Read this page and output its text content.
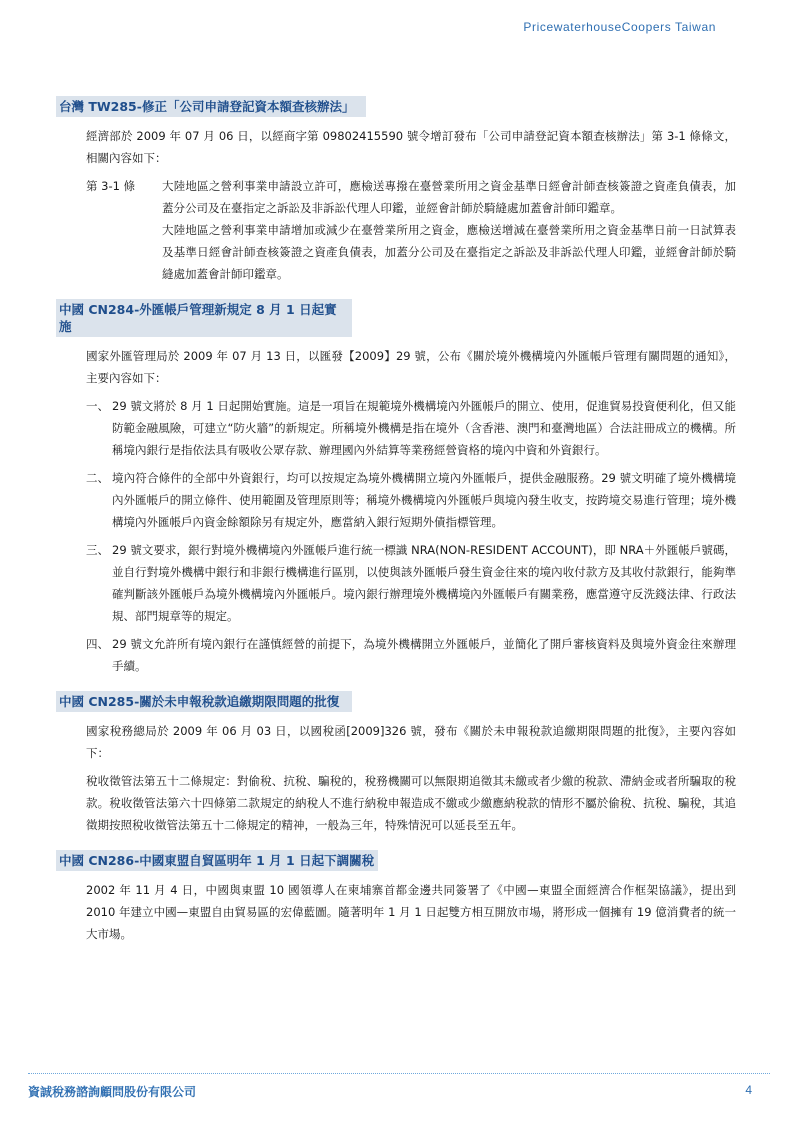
PricewaterhouseCoopers Taiwan
台灣 TW285-修正「公司申請登記資本額查核辦法」

經濟部於 2009 年 07 月 06 日，以經商字第 09802415590 號令增訂發布「公司申請登記資本額查核辦法」第 3-1 條條文，相關內容如下：

第 3-1 條	大陸地區之營利事業申請設立許可，應檢送專撥在臺營業所用之資金基準日經會計師查核簽證之資產負債表，加蓋分公司及在臺指定之訴訟及非訴訟代理人印鑑，並經會計師於騎縫處加蓋會計師印鑑章。

大陸地區之營利事業申請增加或減少在臺營業所用之資金，應檢送增減在臺營業所用之資金基準日前一日試算表及基準日經會計師查核簽證之資產負債表，加蓋分公司及在臺指定之訴訟及非訴訟代理人印鑑，並經會計師於騎縫處加蓋會計師印鑑章。

中國 CN284-外匯帳戶管理新規定 8 月 1 日起實施

國家外匯管理局於 2009 年 07 月 13 日，以匯發【2009】29 號，公布《關於境外機構境內外匯帳戶管理有關問題的通知》，主要內容如下：

一、 29 號文將於 8 月 1 日起開始實施。這是一項旨在規範境外機構境內外匯帳戶的開立、使用，促進貿易投資便利化，但又能防範金融風險，可建立“防火牆”的新規定。所稱境外機構是指在境外（含香港、澳門和臺灣地區）合法註冊成立的機構。所稱境內銀行是指依法具有吸收公眾存款、辦理國內外結算等業務經營資格的境內中資和外資銀行。
二、 境內符合條件的全部中外資銀行，均可以按規定為境外機構開立境內外匯帳戶，提供金融服務。29 號文明確了境外機構境內外匯帳戶的開立條件、使用範圍及管理原則等；稱境外機構境內外匯帳戶與境內發生收支，按跨境交易進行管理；境外機構境內外匯帳戶內資金餘額除另有規定外，應當納入銀行短期外債指標管理。
三、 29 號文要求，銀行對境外機構境內外匯帳戶進行統一標識 NRA(NON-RESIDENT ACCOUNT)，即 NRA＋外匯帳戶號碼，並自行對境外機構中銀行和非銀行機構進行區別，以使與該外匯帳戶發生資金往來的境內收付款方及其收付款銀行，能夠準確判斷該外匯帳戶為境外機構境內外匯帳戶。境內銀行辦理境外機構境內外匯帳戶有關業務，應當遵守反洗錢法律、行政法規、部門規章等的規定。
四、 29 號文允許所有境內銀行在謹慎經營的前提下，為境外機構開立外匯帳戶，並簡化了開戶審核資料及與境外資金往來辦理手續。
中國 CN285-關於未申報稅款追繳期限問題的批復

國家稅務總局於 2009 年 06 月 03 日，以國稅函[2009]326 號，發布《關於未申報稅款追繳期限問題的批復》，主要內容如下：

稅收徵管法第五十二條規定：對偷稅、抗稅、騙稅的，稅務機關可以無限期追徵其未繳或者少繳的稅款、滯納金或者所騙取的稅款。稅收徵管法第六十四條第二款規定的納稅人不進行納稅申報造成不繳或少繳應納稅款的情形不屬於偷稅、抗稅、騙稅，其追徵期按照稅收徵管法第五十二條規定的精神，一般為三年，特殊情況可以延長至五年。

中國 CN286-中國東盟自貿區明年 1 月 1 日起下調關稅

2002 年 11 月 4 日，中國與東盟 10 國領導人在柬埔寨首都金邊共同簽署了《中國—東盟全面經濟合作框架協議》，提出到 2010 年建立中國—東盟自由貿易區的宏偉藍圖。隨著明年 1 月 1 日起雙方相互開放市場，將形成一個擁有 19 億消費者的統一大市場。

資誠稅務諮詢顧問股份有限公司	4
